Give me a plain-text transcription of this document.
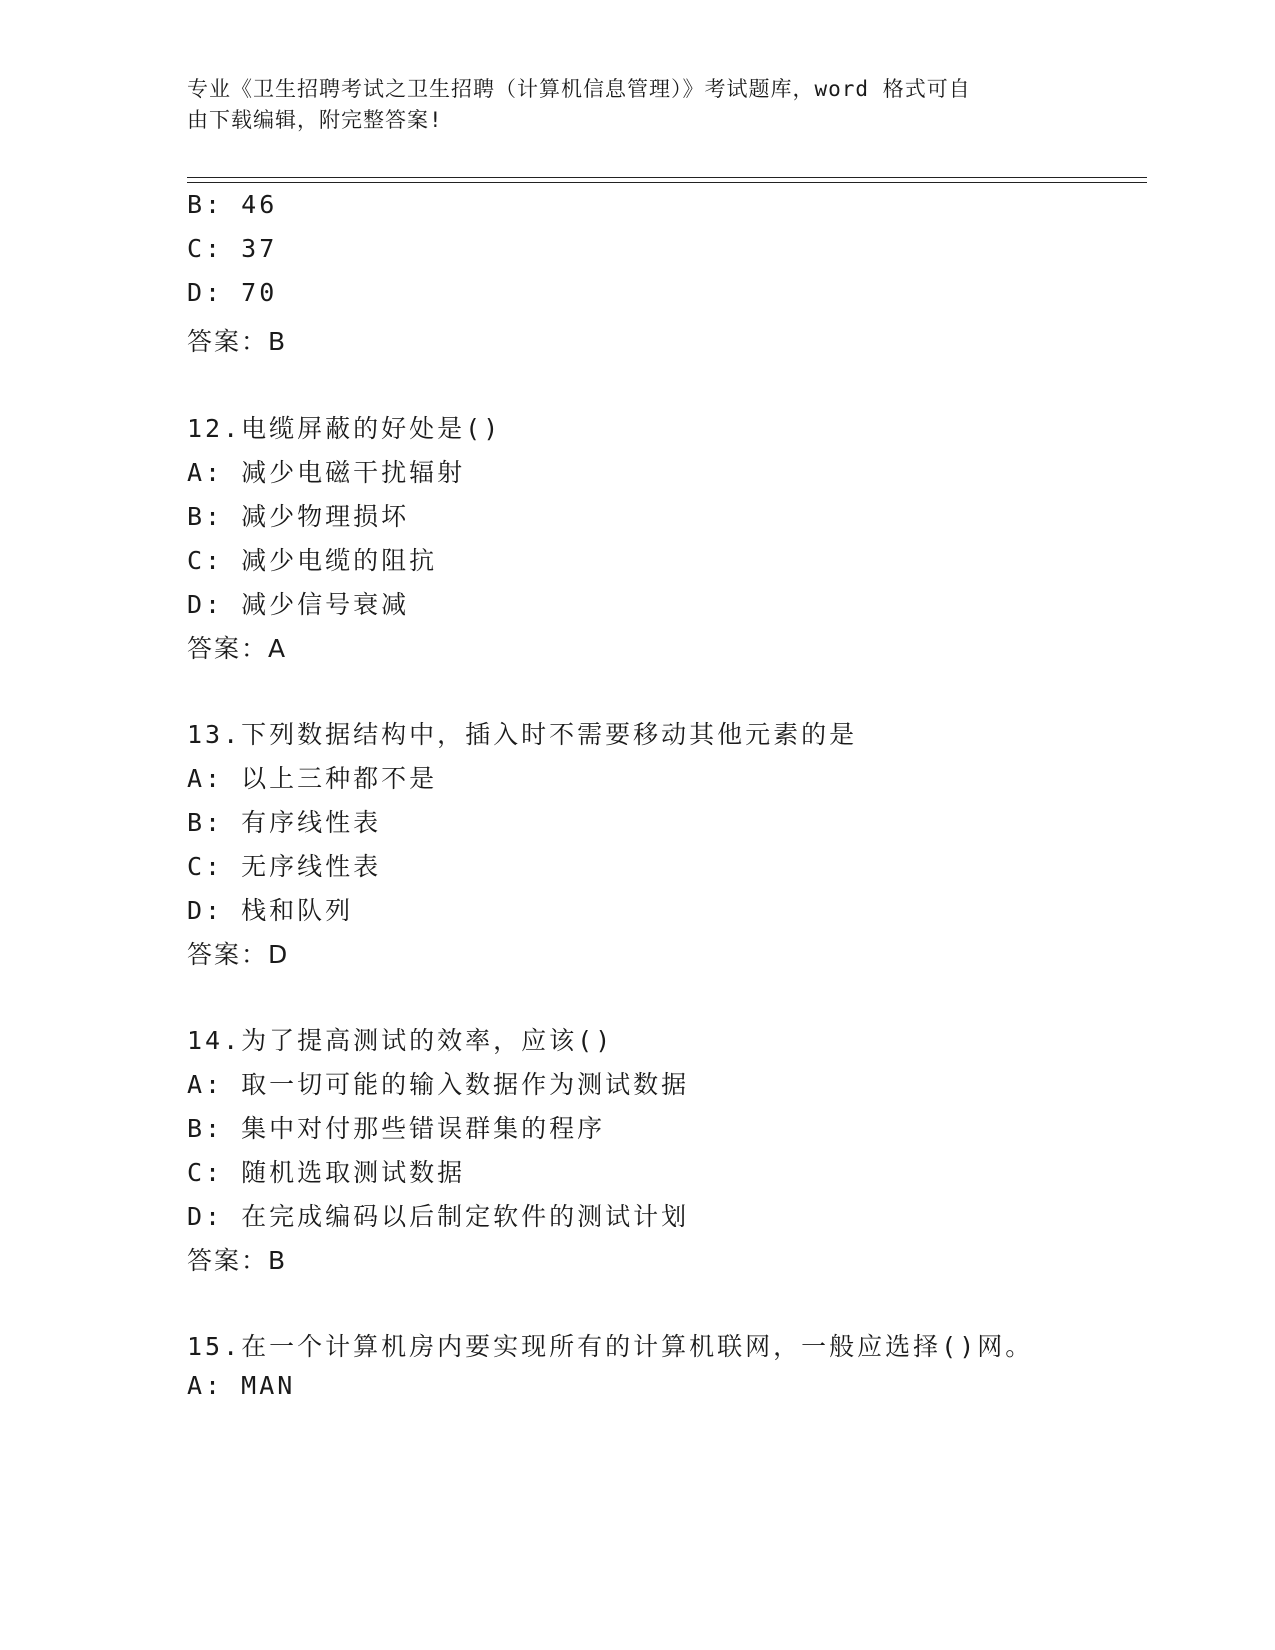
专业《卫生招聘考试之卫生招聘（计算机信息管理）》考试题库，word 格式可自
由下载编辑，附完整答案!
B: 46
C: 37
D: 70
答案：B
12.电缆屏蔽的好处是()
A: 减少电磁干扰辐射
B: 减少物理损坏
C: 减少电缆的阻抗
D: 减少信号衰减
答案：A
13.下列数据结构中，插入时不需要移动其他元素的是
A: 以上三种都不是
B: 有序线性表
C: 无序线性表
D: 栈和队列
答案：D
14.为了提高测试的效率，应该()
A: 取一切可能的输入数据作为测试数据
B: 集中对付那些错误群集的程序
C: 随机选取测试数据
D: 在完成编码以后制定软件的测试计划
答案：B
15.在一个计算机房内要实现所有的计算机联网，一般应选择()网。
A: MAN
